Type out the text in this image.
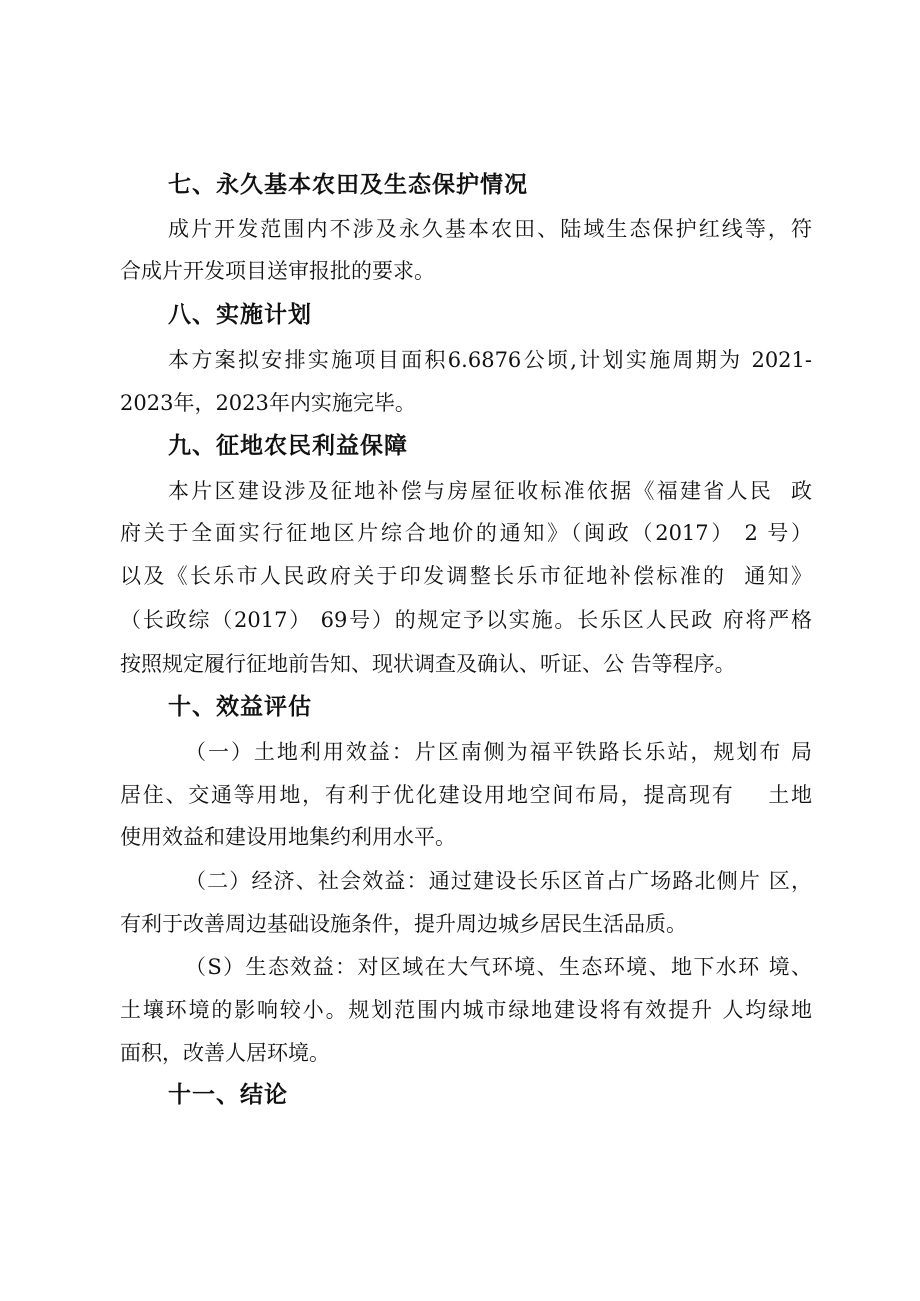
七、永久基本农田及生态保护情况
成片开发范围内不涉及永久基本农田、陆域生态保护红线等，符
合成片开发项目送审报批的要求。
八、实施计划
本方案拟安排实施项目面积6.6876公顷,计划实施周期为 2021-
2023年，2023年内实施完毕。
九、征地农民利益保障
本片区建设涉及征地补偿与房屋征收标准依据《福建省人民  政
府关于全面实行征地区片综合地价的通知》（闽政（2017） 2 号）
以及《长乐市人民政府关于印发调整长乐市征地补偿标准的  通知》
（长政综（2017） 69号）的规定予以实施。长乐区人民政 府将严格
按照规定履行征地前告知、现状调查及确认、听证、公 告等程序。
十、效益评估
（一）土地利用效益：片区南侧为福平铁路长乐站，规划布 局
居住、交通等用地，有利于优化建设用地空间布局，提高现有    土地
使用效益和建设用地集约利用水平。
（二）经济、社会效益：通过建设长乐区首占广场路北侧片 区，
有利于改善周边基础设施条件，提升周边城乡居民生活品质。
（S）生态效益：对区域在大气环境、生态环境、地下水环 境、
土壤环境的影响较小。规划范围内城市绿地建设将有效提升 人均绿地
面积，改善人居环境。
十一、结论
